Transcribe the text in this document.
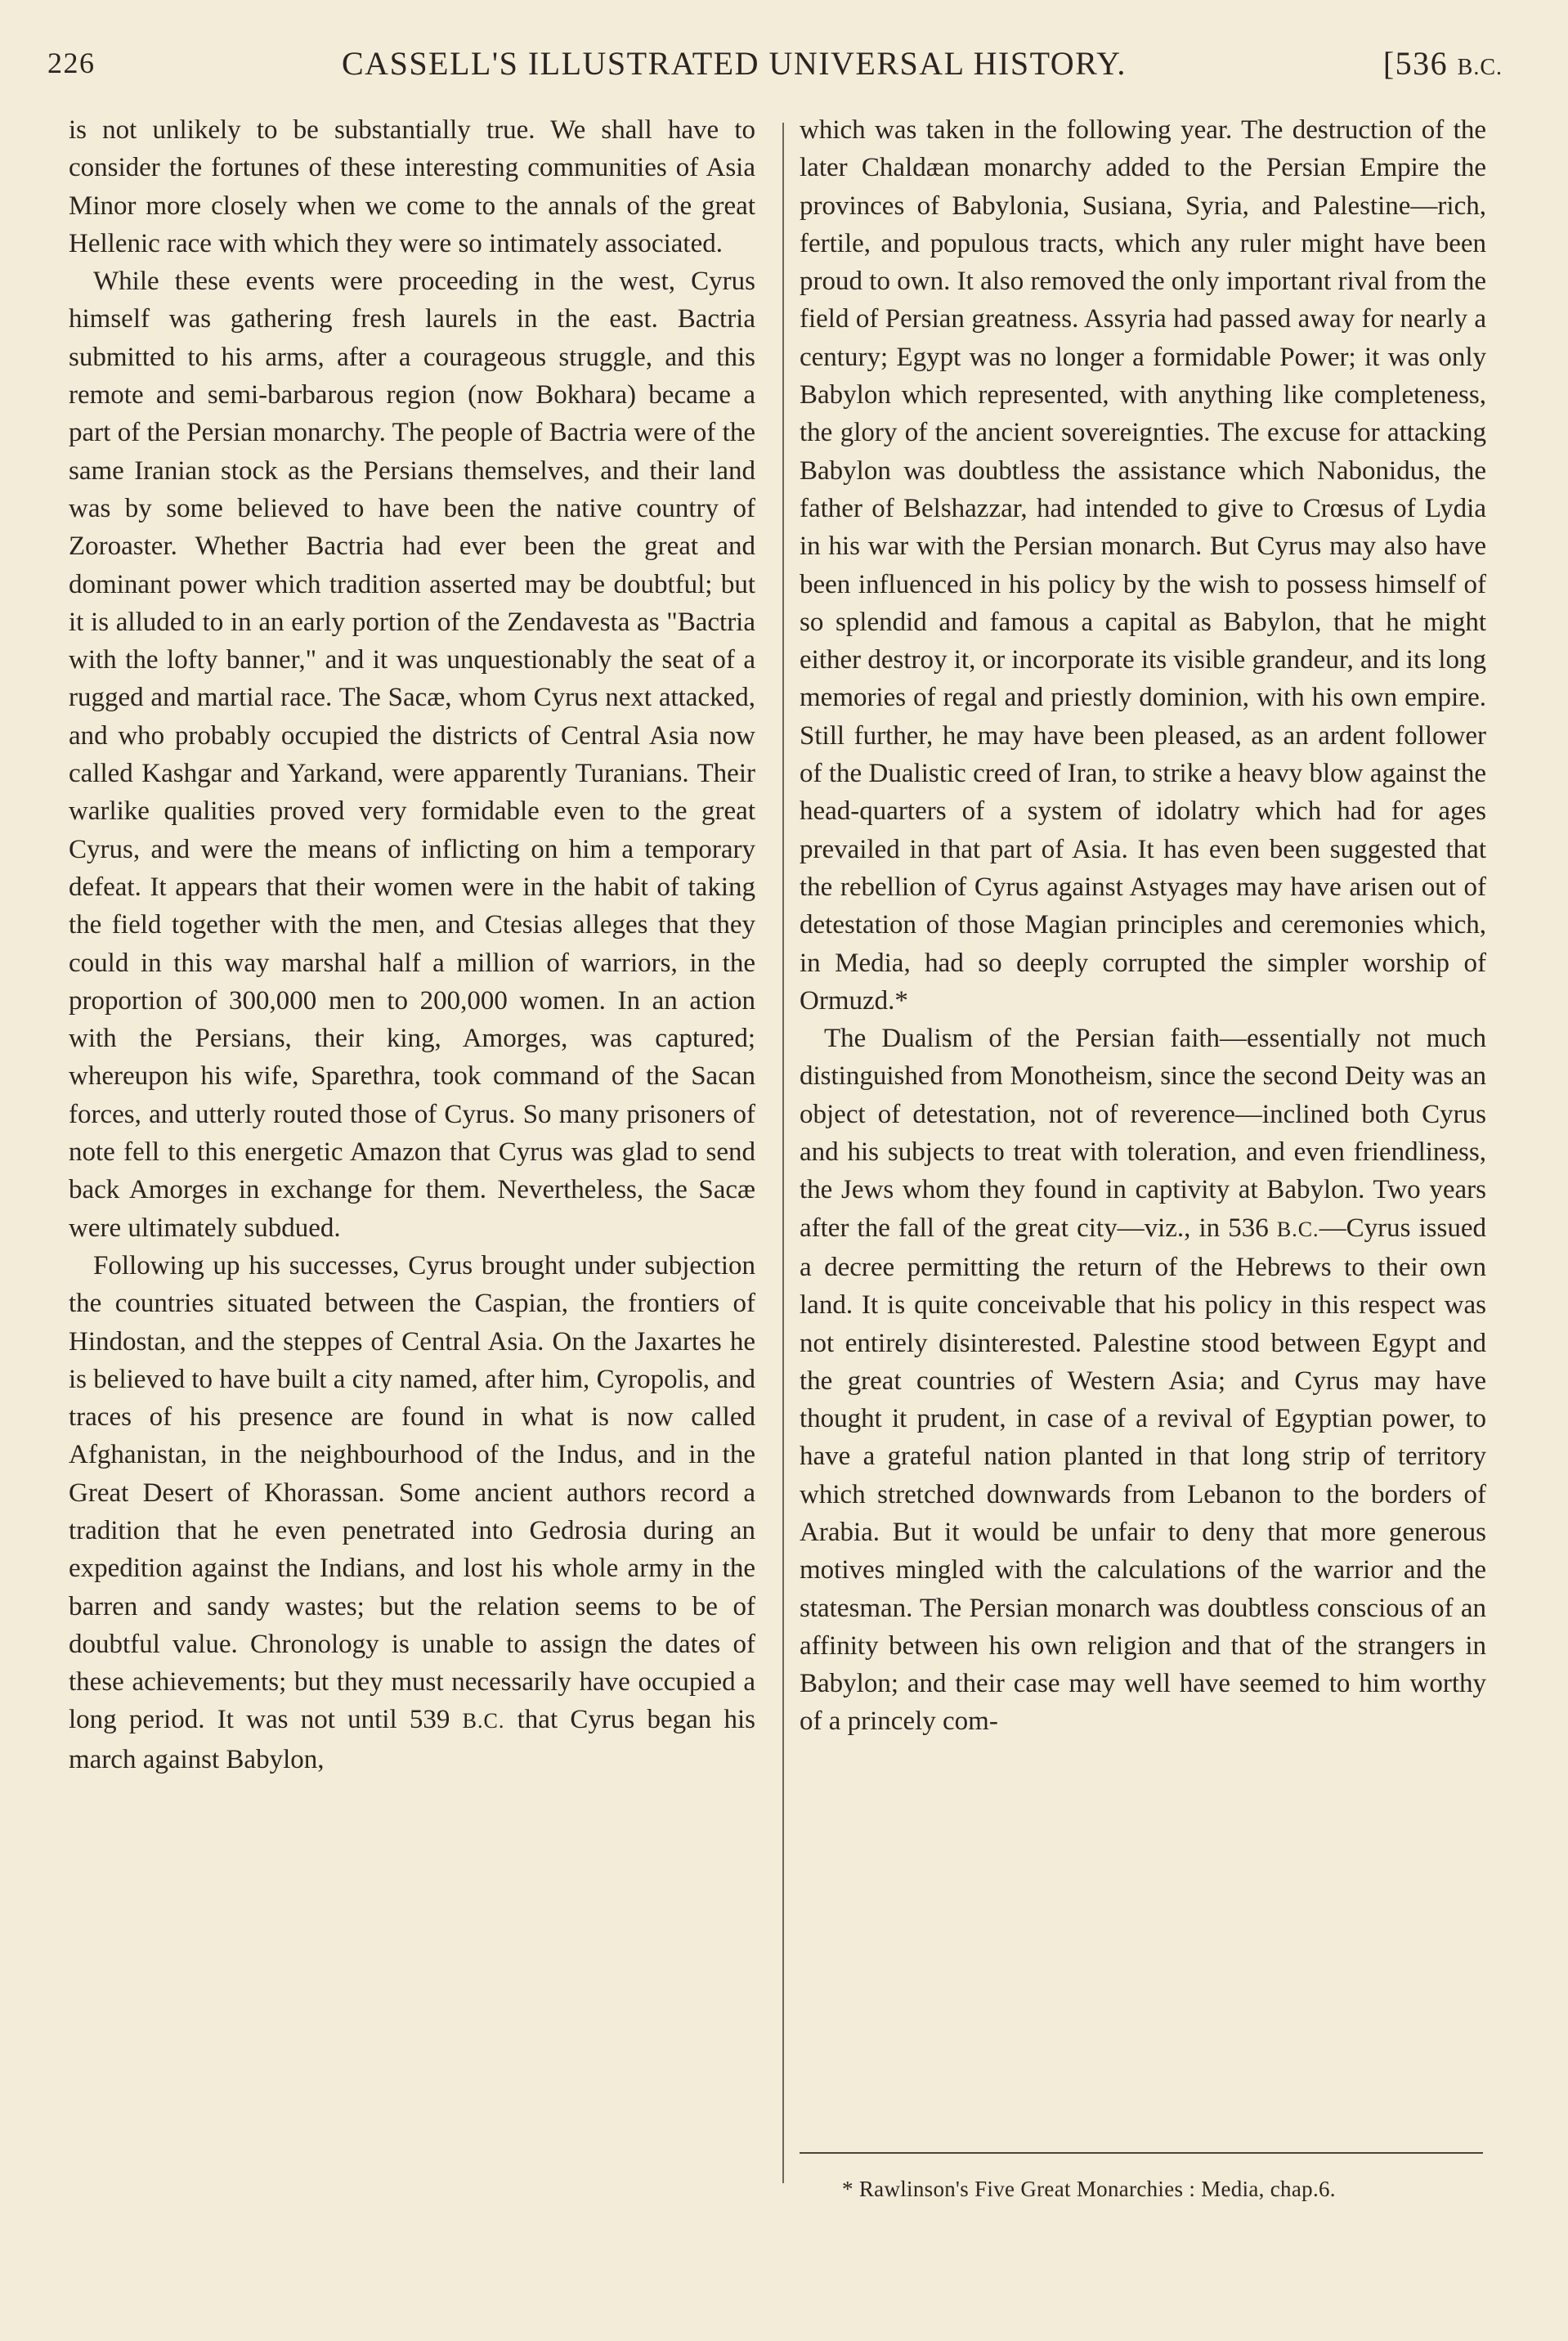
226	CASSELL'S ILLUSTRATED UNIVERSAL HISTORY.	[536 B.C.

is not unlikely to be substantially true. We shall have to consider the fortunes of these interesting communities of Asia Minor more closely when we come to the annals of the great Hellenic race with which they were so intimately associated.

While these events were proceeding in the west, Cyrus himself was gathering fresh laurels in the east. Bactria submitted to his arms, after a courageous struggle, and this remote and semi-barbarous region (now Bokhara) became a part of the Persian monarchy. The people of Bactria were of the same Iranian stock as the Persians themselves, and their land was by some believed to have been the native country of Zoroaster. Whether Bactria had ever been the great and dominant power which tradition asserted may be doubtful; but it is alluded to in an early portion of the Zendavesta as "Bactria with the lofty banner," and it was unquestionably the seat of a rugged and martial race. The Sacæ, whom Cyrus next attacked, and who probably occupied the districts of Central Asia now called Kashgar and Yarkand, were apparently Turanians. Their warlike qualities proved very formidable even to the great Cyrus, and were the means of inflicting on him a temporary defeat. It appears that their women were in the habit of taking the field together with the men, and Ctesias alleges that they could in this way marshal half a million of warriors, in the proportion of 300,000 men to 200,000 women. In an action with the Persians, their king, Amorges, was captured; whereupon his wife, Sparethra, took command of the Sacan forces, and utterly routed those of Cyrus. So many prisoners of note fell to this energetic Amazon that Cyrus was glad to send back Amorges in exchange for them. Nevertheless, the Sacæ were ultimately subdued.

Following up his successes, Cyrus brought under subjection the countries situated between the Caspian, the frontiers of Hindostan, and the steppes of Central Asia. On the Jaxartes he is believed to have built a city named, after him, Cyropolis, and traces of his presence are found in what is now called Afghanistan, in the neighbourhood of the Indus, and in the Great Desert of Khorassan. Some ancient authors record a tradition that he even penetrated into Gedrosia during an expedition against the Indians, and lost his whole army in the barren and sandy wastes; but the relation seems to be of doubtful value. Chronology is unable to assign the dates of these achievements; but they must necessarily have occupied a long period. It was not until 539 B.C. that Cyrus began his march against Babylon,

which was taken in the following year. The destruction of the later Chaldæan monarchy added to the Persian Empire the provinces of Babylonia, Susiana, Syria, and Palestine—rich, fertile, and populous tracts, which any ruler might have been proud to own. It also removed the only important rival from the field of Persian greatness. Assyria had passed away for nearly a century; Egypt was no longer a formidable Power; it was only Babylon which represented, with anything like completeness, the glory of the ancient sovereignties. The excuse for attacking Babylon was doubtless the assistance which Nabonidus, the father of Belshazzar, had intended to give to Crœsus of Lydia in his war with the Persian monarch. But Cyrus may also have been influenced in his policy by the wish to possess himself of so splendid and famous a capital as Babylon, that he might either destroy it, or incorporate its visible grandeur, and its long memories of regal and priestly dominion, with his own empire. Still further, he may have been pleased, as an ardent follower of the Dualistic creed of Iran, to strike a heavy blow against the head-quarters of a system of idolatry which had for ages prevailed in that part of Asia. It has even been suggested that the rebellion of Cyrus against Astyages may have arisen out of detestation of those Magian principles and ceremonies which, in Media, had so deeply corrupted the simpler worship of Ormuzd.*

The Dualism of the Persian faith—essentially not much distinguished from Monotheism, since the second Deity was an object of detestation, not of reverence—inclined both Cyrus and his subjects to treat with toleration, and even friendliness, the Jews whom they found in captivity at Babylon. Two years after the fall of the great city—viz., in 536 B.C.—Cyrus issued a decree permitting the return of the Hebrews to their own land. It is quite conceivable that his policy in this respect was not entirely disinterested. Palestine stood between Egypt and the great countries of Western Asia; and Cyrus may have thought it prudent, in case of a revival of Egyptian power, to have a grateful nation planted in that long strip of territory which stretched downwards from Lebanon to the borders of Arabia. But it would be unfair to deny that more generous motives mingled with the calculations of the warrior and the statesman. The Persian monarch was doubtless conscious of an affinity between his own religion and that of the strangers in Babylon; and their case may well have seemed to him worthy of a princely com-

* Rawlinson's Five Great Monarchies : Media, chap.6.
